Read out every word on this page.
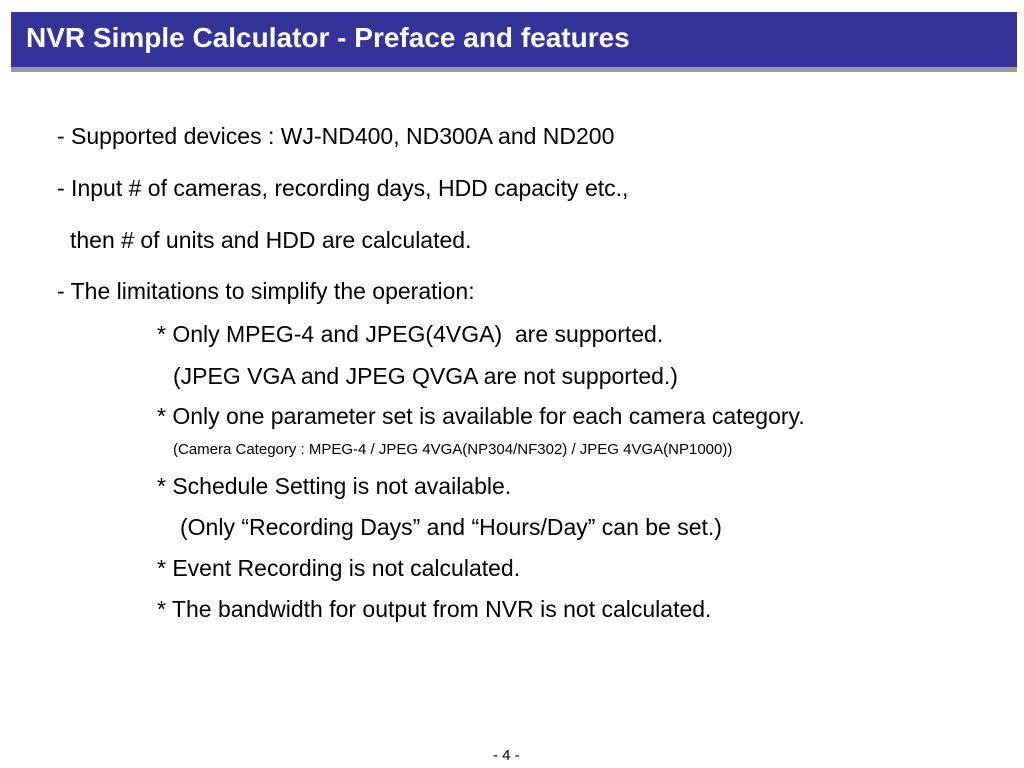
NVR Simple Calculator - Preface and features
- Supported devices : WJ-ND400, ND300A and ND200
- Input # of cameras, recording days, HDD capacity etc.,
then # of units and HDD are calculated.
- The limitations to simplify the operation:
* Only MPEG-4 and JPEG(4VGA)  are supported.
(JPEG VGA and JPEG QVGA are not supported.)
* Only one parameter set is available for each camera category.
(Camera Category : MPEG-4 / JPEG 4VGA(NP304/NF302) / JPEG 4VGA(NP1000))
* Schedule Setting is not available.
(Only “Recording Days” and “Hours/Day” can be set.)
* Event Recording is not calculated.
* The bandwidth for output from NVR is not calculated.
- 4 -
